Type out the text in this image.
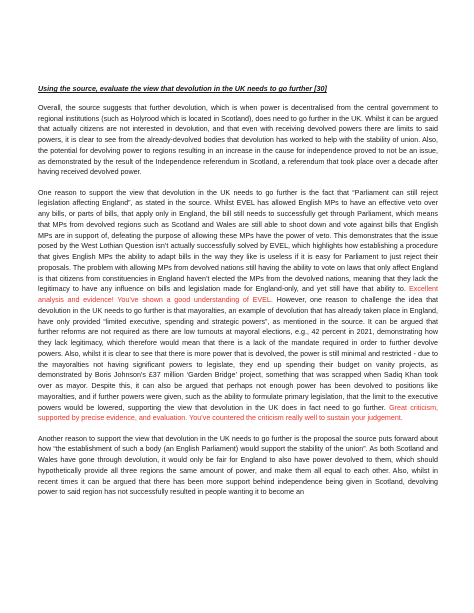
Using the source, evaluate the view that devolution in the UK needs to go further [30]

Overall, the source suggests that further devolution, which is when power is decentralised from the central government to regional institutions (such as Holyrood which is located in Scotland), does need to go further in the UK. Whilst it can be argued that actually citizens are not interested in devolution, and that even with receiving devolved powers there are limits to said powers, it is clear to see from the already-devolved bodies that devolution has worked to help with the stability of union. Also, the potential for devolving power to regions resulting in an increase in the cause for independence proved to not be an issue, as demonstrated by the result of the Independence referendum in Scotland, a referendum that took place over a decade after having received devolved power.

One reason to support the view that devolution in the UK needs to go further is the fact that “Parliament can still reject legislation affecting England”, as stated in the source. Whilst EVEL has allowed English MPs to have an effective veto over any bills, or parts of bills, that apply only in England, the bill still needs to successfully get through Parliament, which means that MPs from devolved regions such as Scotland and Wales are still able to shoot down and vote against bills that English MPs are in support of, defeating the purpose of allowing these MPs have the power of veto. This demonstrates that the issue posed by the West Lothian Question isn’t actually successfully solved by EVEL, which highlights how establishing a procedure that gives English MPs the ability to adapt bills in the way they like is useless if it is easy for Parliament to just reject their proposals. The problem with allowing MPs from devolved nations still having the ability to vote on laws that only affect England is that citizens from constituencies in England haven’t elected the MPs from the devolved nations, meaning that they lack the legitimacy to have any influence on bills and legislation made for England-only, and yet still have that ability to. Excellent analysis and evidence! You’ve shown a good understanding of EVEL. However, one reason to challenge the idea that devolution in the UK needs to go further is that mayoralties, an example of devolution that has already taken place in England, have only provided “limited executive, spending and strategic powers”, as mentioned in the source. It can be argued that further reforms are not required as there are low turnouts at mayoral elections, e.g., 42 percent in 2021, demonstrating how they lack legitimacy, which therefore would mean that there is a lack of the mandate required in order to further devolve powers. Also, whilst it is clear to see that there is more power that is devolved, the power is still minimal and restricted - due to the mayoralties not having significant powers to legislate, they end up spending their budget on vanity projects, as demonstrated by Boris Johnson’s £37 million ‘Garden Bridge’ project, something that was scrapped when Sadiq Khan took over as mayor. Despite this, it can also be argued that perhaps not enough power has been devolved to positions like mayoralties, and if further powers were given, such as the ability to formulate primary legislation, that the limit to the executive powers would be lowered, supporting the view that devolution in the UK does in fact need to go further. Great criticism, supported by precise evidence, and evaluation. You’ve countered the criticism really well to sustain your judgement.

Another reason to support the view that devolution in the UK needs to go further is the proposal the source puts forward about how “the establishment of such a body (an English Parliament) would support the stability of the union”. As both Scotland and Wales have gone through devolution, it would only be fair for England to also have power devolved to them, which should hypothetically provide all three regions the same amount of power, and make them all equal to each other. Also, whilst in recent times it can be argued that there has been more support behind independence being given in Scotland, devolving power to said region has not successfully resulted in people wanting it to become an
